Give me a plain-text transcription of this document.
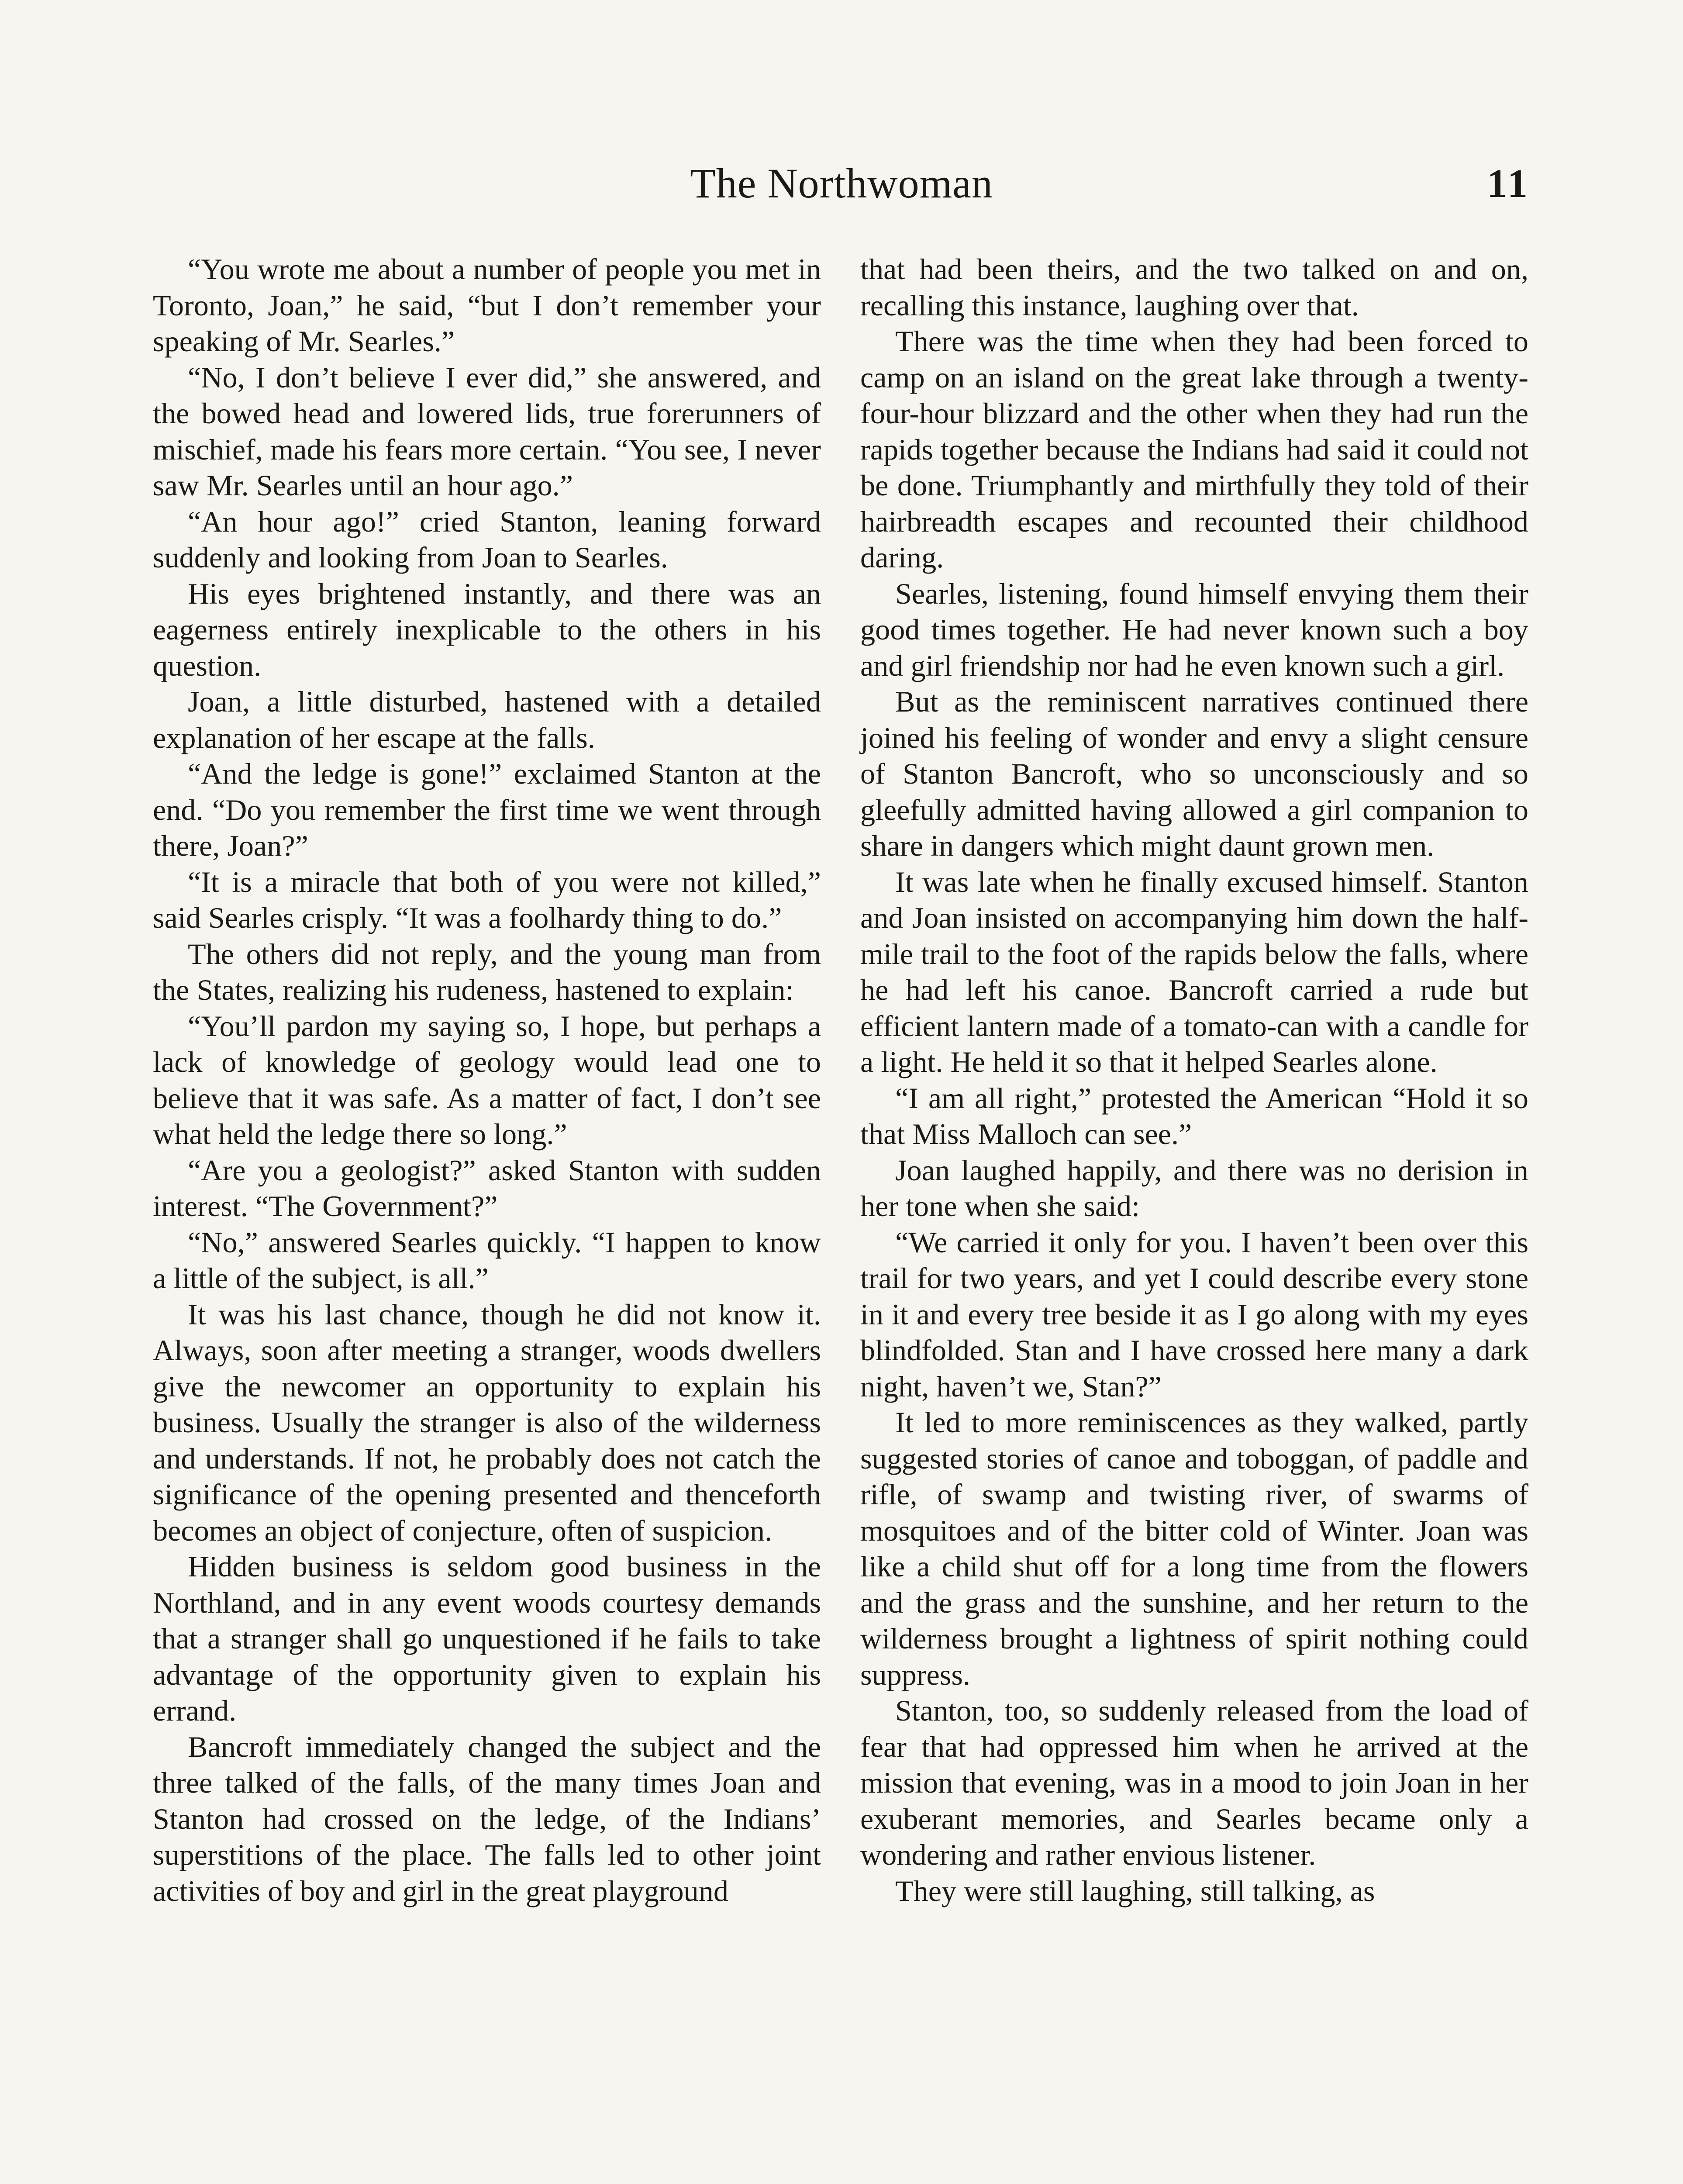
The Northwoman	11

“You wrote me about a number of people you met in Toronto, Joan,” he said, “but I don’t remember your speaking of Mr. Searles.”

“No, I don’t believe I ever did,” she answered, and the bowed head and lowered lids, true forerunners of mischief, made his fears more certain. “You see, I never saw Mr. Searles until an hour ago.”

“An hour ago!” cried Stanton, leaning forward suddenly and looking from Joan to Searles.

His eyes brightened instantly, and there was an eagerness entirely inexplicable to the others in his question.

Joan, a little disturbed, hastened with a detailed explanation of her escape at the falls.

“And the ledge is gone!” exclaimed Stanton at the end. “Do you remember the first time we went through there, Joan?”

“It is a miracle that both of you were not killed,” said Searles crisply. “It was a foolhardy thing to do.”

The others did not reply, and the young man from the States, realizing his rudeness, hastened to explain:

“You’ll pardon my saying so, I hope, but perhaps a lack of knowledge of geology would lead one to believe that it was safe. As a matter of fact, I don’t see what held the ledge there so long.”

“Are you a geologist?” asked Stanton with sudden interest. “The Government?”

“No,” answered Searles quickly. “I happen to know a little of the subject, is all.”

It was his last chance, though he did not know it. Always, soon after meeting a stranger, woods dwellers give the newcomer an opportunity to explain his business. Usually the stranger is also of the wilderness and understands. If not, he probably does not catch the significance of the opening presented and thenceforth becomes an object of conjecture, often of suspicion.

Hidden business is seldom good business in the Northland, and in any event woods courtesy demands that a stranger shall go unquestioned if he fails to take advantage of the opportunity given to explain his errand.

Bancroft immediately changed the subject and the three talked of the falls, of the many times Joan and Stanton had crossed on the ledge, of the Indians’ superstitions of the place. The falls led to other joint activities of boy and girl in the great playground

that had been theirs, and the two talked on and on, recalling this instance, laughing over that.

There was the time when they had been forced to camp on an island on the great lake through a twenty-four-hour blizzard and the other when they had run the rapids together because the Indians had said it could not be done. Triumphantly and mirthfully they told of their hairbreadth escapes and recounted their childhood daring.

Searles, listening, found himself envying them their good times together. He had never known such a boy and girl friendship nor had he even known such a girl.

But as the reminiscent narratives continued there joined his feeling of wonder and envy a slight censure of Stanton Bancroft, who so unconsciously and so gleefully admitted having allowed a girl companion to share in dangers which might daunt grown men.

It was late when he finally excused himself. Stanton and Joan insisted on accompanying him down the half-mile trail to the foot of the rapids below the falls, where he had left his canoe. Bancroft carried a rude but efficient lantern made of a tomato-can with a candle for a light. He held it so that it helped Searles alone.

“I am all right,” protested the American “Hold it so that Miss Malloch can see.”

Joan laughed happily, and there was no derision in her tone when she said:

“We carried it only for you. I haven’t been over this trail for two years, and yet I could describe every stone in it and every tree beside it as I go along with my eyes blindfolded. Stan and I have crossed here many a dark night, haven’t we, Stan?”

It led to more reminiscences as they walked, partly suggested stories of canoe and toboggan, of paddle and rifle, of swamp and twisting river, of swarms of mosquitoes and of the bitter cold of Winter. Joan was like a child shut off for a long time from the flowers and the grass and the sunshine, and her return to the wilderness brought a lightness of spirit nothing could suppress.

Stanton, too, so suddenly released from the load of fear that had oppressed him when he arrived at the mission that evening, was in a mood to join Joan in her exuberant memories, and Searles became only a wondering and rather envious listener.

They were still laughing, still talking, as
